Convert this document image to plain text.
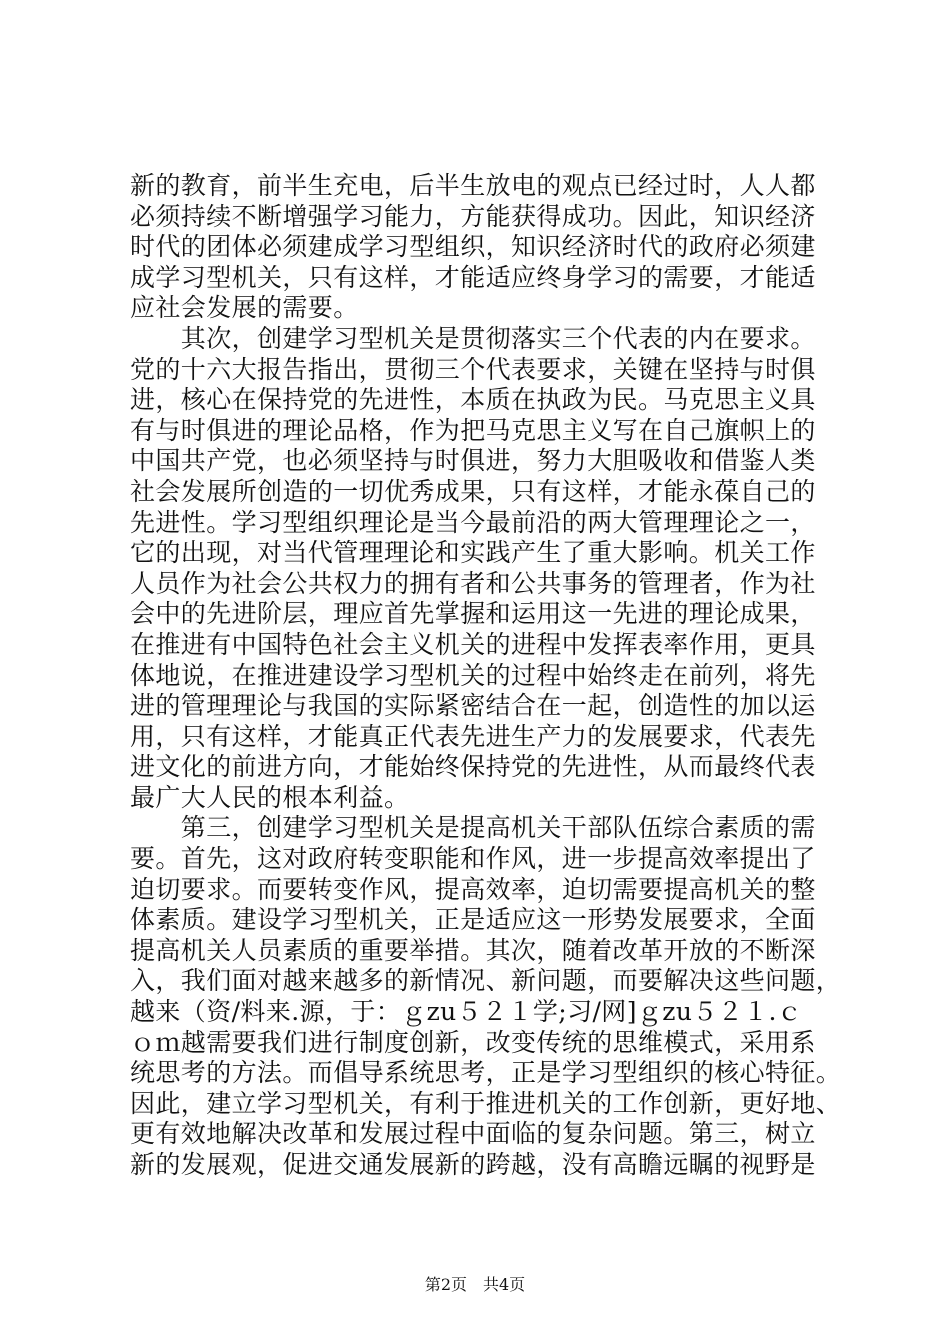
新的教育，前半生充电，后半生放电的观点已经过时，人人都
必须持续不断增强学习能力，方能获得成功。因此，知识经济
时代的团体必须建成学习型组织，知识经济时代的政府必须建
成学习型机关，只有这样，才能适应终身学习的需要，才能适
应社会发展的需要。
　　其次，创建学习型机关是贯彻落实三个代表的内在要求。
党的十六大报告指出，贯彻三个代表要求，关键在坚持与时俱
进，核心在保持党的先进性，本质在执政为民。马克思主义具
有与时俱进的理论品格，作为把马克思主义写在自己旗帜上的
中国共产党，也必须坚持与时俱进，努力大胆吸收和借鉴人类
社会发展所创造的一切优秀成果，只有这样，才能永葆自己的
先进性。学习型组织理论是当今最前沿的两大管理理论之一，
它的出现，对当代管理理论和实践产生了重大影响。机关工作
人员作为社会公共权力的拥有者和公共事务的管理者，作为社
会中的先进阶层，理应首先掌握和运用这一先进的理论成果，
在推进有中国特色社会主义机关的进程中发挥表率作用，更具
体地说，在推进建设学习型机关的过程中始终走在前列，将先
进的管理理论与我国的实际紧密结合在一起，创造性的加以运
用，只有这样，才能真正代表先进生产力的发展要求，代表先
进文化的前进方向，才能始终保持党的先进性，从而最终代表
最广大人民的根本利益。
　　第三，创建学习型机关是提高机关干部队伍综合素质的需
要。首先，这对政府转变职能和作风，进一步提高效率提出了
迫切要求。而要转变作风，提高效率，迫切需要提高机关的整
体素质。建设学习型机关，正是适应这一形势发展要求，全面
提高机关人员素质的重要举措。其次，随着改革开放的不断深
入，我们面对越来越多的新情况、新问题，而要解决这些问题，
越来（资/料来.源，于：ｇzu５２１学;习/网]ｇzu５２１.ｃ
ｏｍ越需要我们进行制度创新，改变传统的思维模式，采用系
统思考的方法。而倡导系统思考，正是学习型组织的核心特征。
因此，建立学习型机关，有利于推进机关的工作创新，更好地、
更有效地解决改革和发展过程中面临的复杂问题。第三，树立
新的发展观，促进交通发展新的跨越，没有高瞻远瞩的视野是
第2页　共4页
